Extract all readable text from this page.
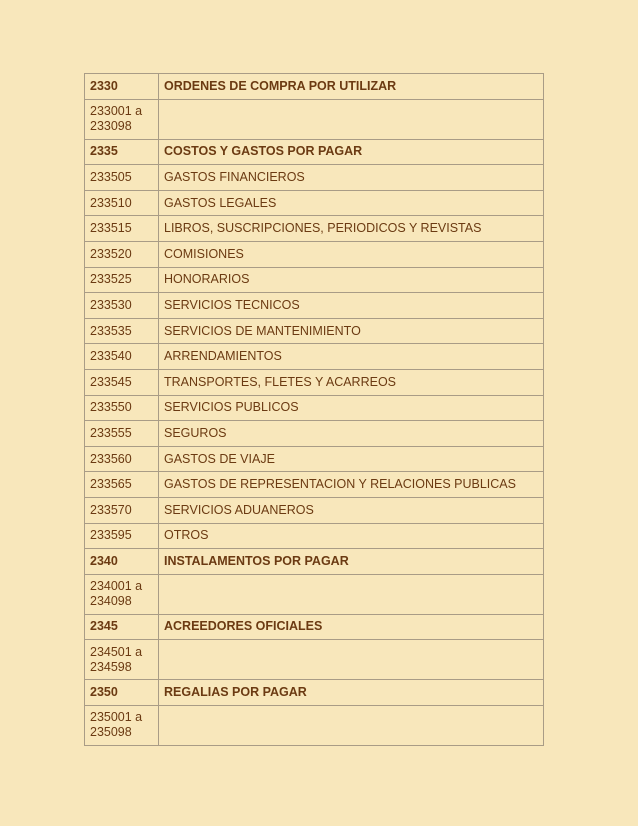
2330	ORDENES DE COMPRA POR UTILIZAR

233001 a
233098	

2335	COSTOS Y GASTOS POR PAGAR
233505	GASTOS FINANCIEROS
233510	GASTOS LEGALES
233515	LIBROS, SUSCRIPCIONES, PERIODICOS Y REVISTAS
233520	COMISIONES
233525	HONORARIOS
233530	SERVICIOS TECNICOS
233535	SERVICIOS DE MANTENIMIENTO
233540	ARRENDAMIENTOS
233545	TRANSPORTES, FLETES Y ACARREOS
233550	SERVICIOS PUBLICOS
233555	SEGUROS
233560	GASTOS DE VIAJE
233565	GASTOS DE REPRESENTACION Y RELACIONES PUBLICAS
233570	SERVICIOS ADUANEROS
233595	OTROS
2340	INSTALAMENTOS POR PAGAR

234001 a
234098	

2345	ACREEDORES OFICIALES

234501 a
234598	

2350	REGALIAS POR PAGAR

235001 a
235098	
